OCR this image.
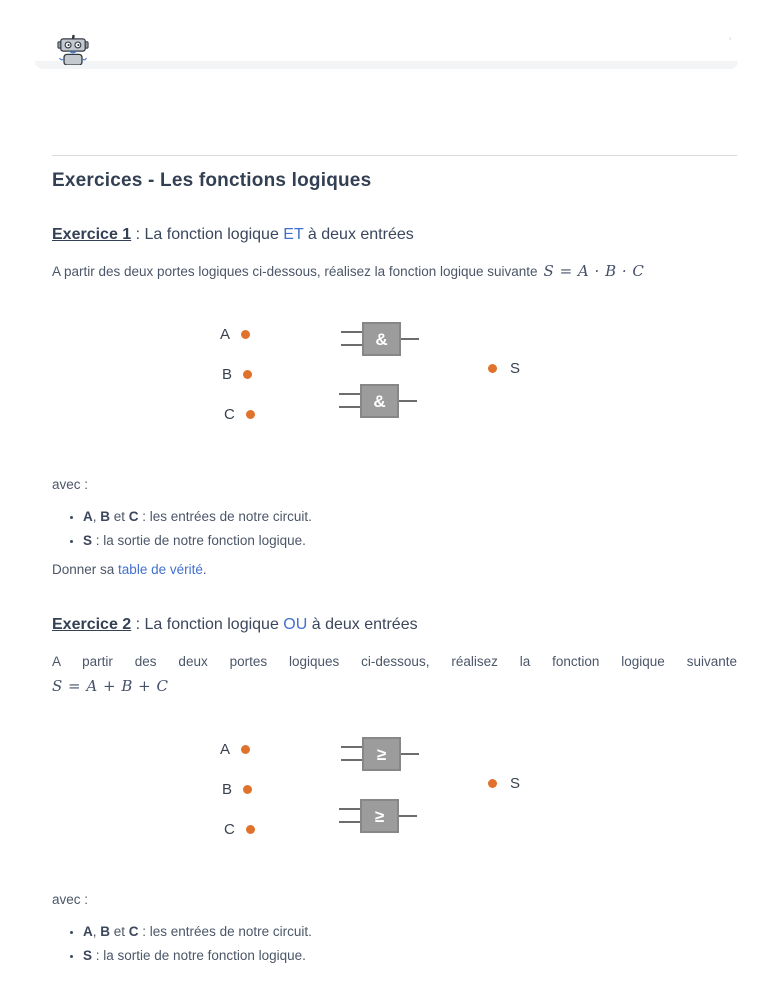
'
Exercices - Les fonctions logiques
Exercice 1 : La fonction logique ET à deux entrées

A partir des deux portes logiques ci-dessous, réalisez la fonction logique suivante S = A · B · C

A
B
C
&
&
S

avec :

• A, B et C : les entrées de notre circuit.
• S : la sortie de notre fonction logique.

Donner sa table de vérité.

Exercice 2 : La fonction logique OU à deux entrées

A partir des deux portes logiques ci-dessous, réalisez la fonction logique suivante
S = A + B + C

A
B
C
≥
≥
S

avec :

• A, B et C : les entrées de notre circuit.
• S : la sortie de notre fonction logique.
